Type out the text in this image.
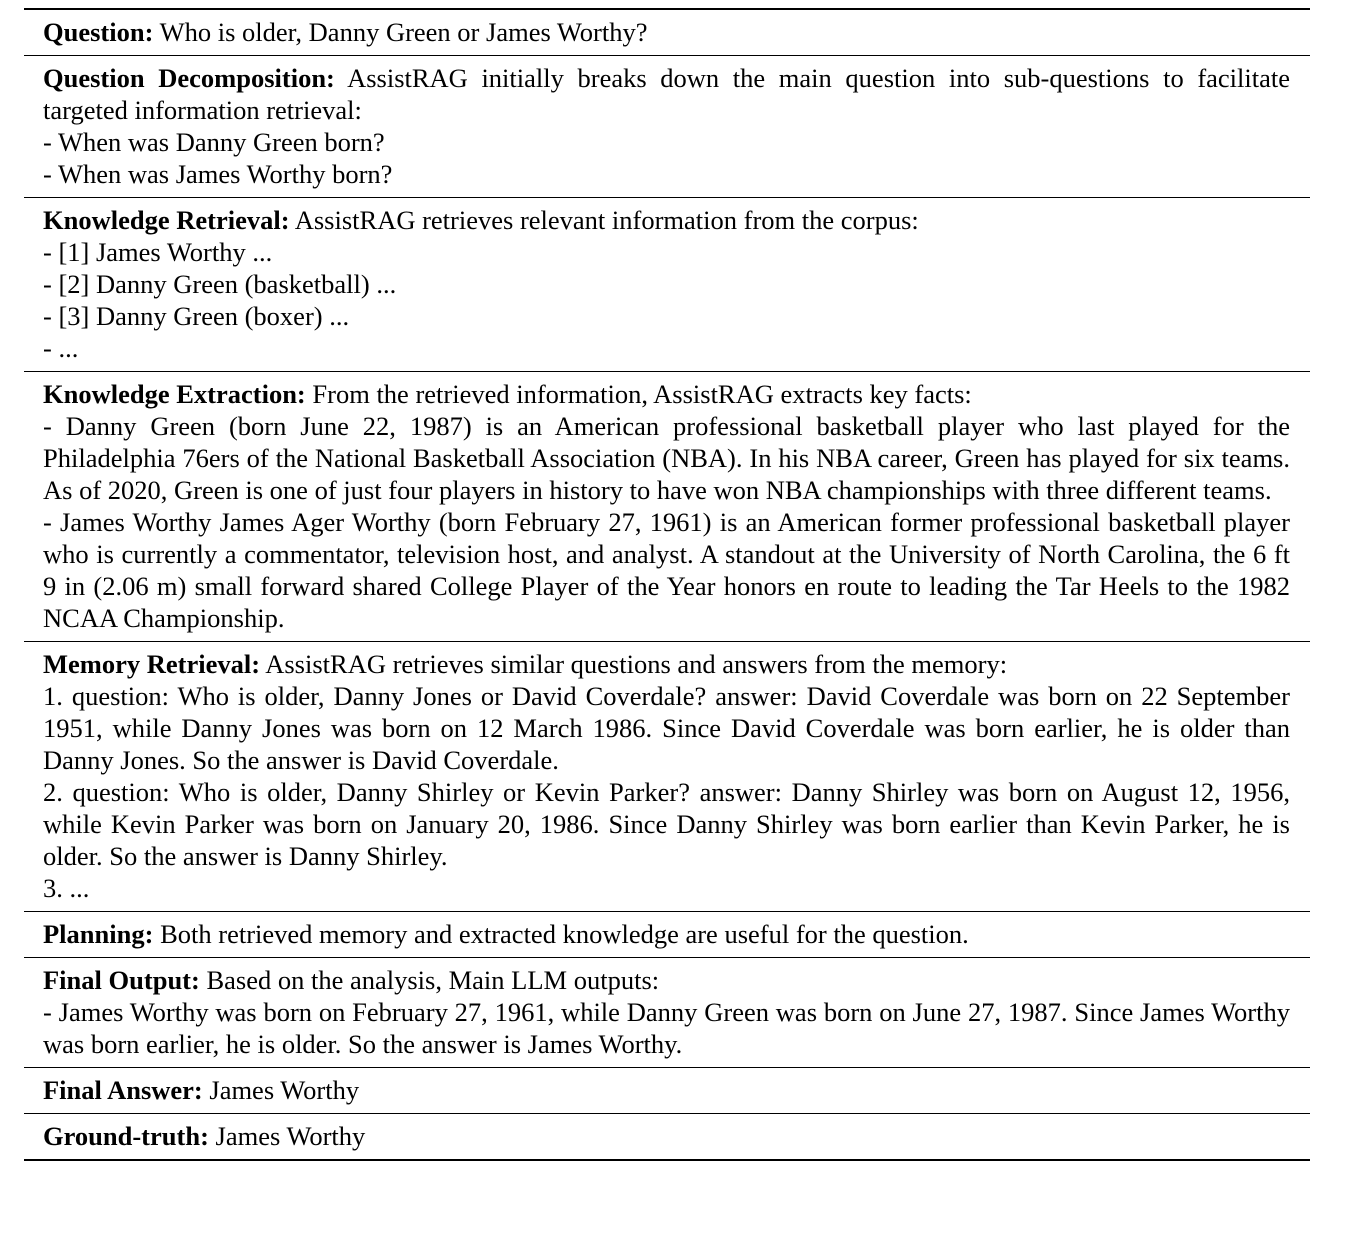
Question: Who is older, Danny Green or James Worthy?
Question Decomposition: AssistRAG initially breaks down the main question into sub-questions to facilitate targeted information retrieval:
- When was Danny Green born?
- When was James Worthy born?
Knowledge Retrieval: AssistRAG retrieves relevant information from the corpus:
- [1] James Worthy ...
- [2] Danny Green (basketball) ...
- [3] Danny Green (boxer) ...
- ...
Knowledge Extraction: From the retrieved information, AssistRAG extracts key facts:
- Danny Green (born June 22, 1987) is an American professional basketball player who last played for the Philadelphia 76ers of the National Basketball Association (NBA). In his NBA career, Green has played for six teams. As of 2020, Green is one of just four players in history to have won NBA championships with three different teams.
- James Worthy James Ager Worthy (born February 27, 1961) is an American former professional basketball player who is currently a commentator, television host, and analyst. A standout at the University of North Carolina, the 6 ft 9 in (2.06 m) small forward shared College Player of the Year honors en route to leading the Tar Heels to the 1982 NCAA Championship.
Memory Retrieval: AssistRAG retrieves similar questions and answers from the memory:
1. question: Who is older, Danny Jones or David Coverdale? answer: David Coverdale was born on 22 September 1951, while Danny Jones was born on 12 March 1986. Since David Coverdale was born earlier, he is older than Danny Jones. So the answer is David Coverdale.
2. question: Who is older, Danny Shirley or Kevin Parker? answer: Danny Shirley was born on August 12, 1956, while Kevin Parker was born on January 20, 1986. Since Danny Shirley was born earlier than Kevin Parker, he is older. So the answer is Danny Shirley.
3. ...
Planning: Both retrieved memory and extracted knowledge are useful for the question.
Final Output: Based on the analysis, Main LLM outputs:
- James Worthy was born on February 27, 1961, while Danny Green was born on June 27, 1987. Since James Worthy was born earlier, he is older. So the answer is James Worthy.
Final Answer: James Worthy
Ground-truth: James Worthy
